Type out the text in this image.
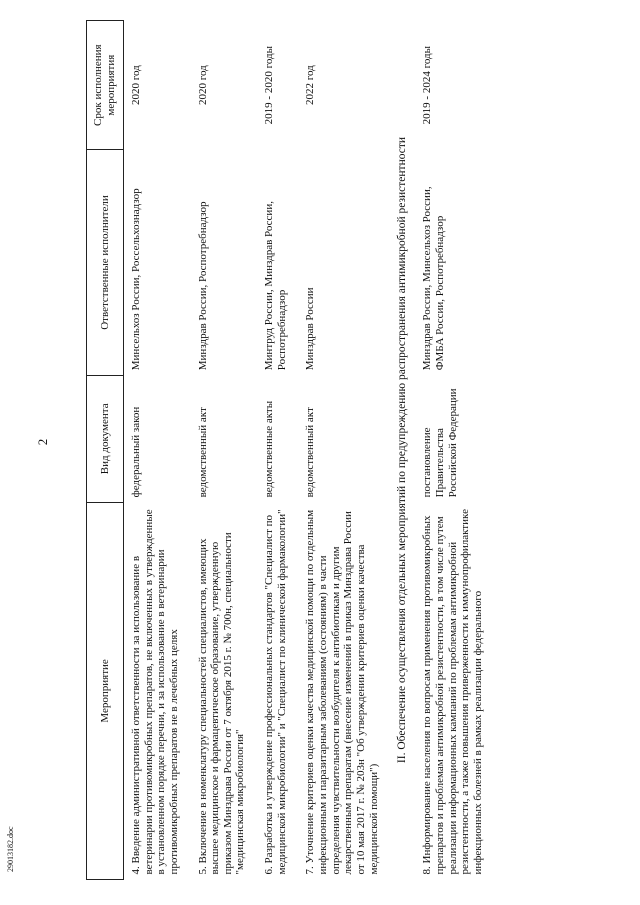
2
Мероприятие	Вид документа	Ответственные исполнители	Срок исполнения мероприятия
4. Введение административной ответственности за использование в ветеринарии противомикробных препаратов, не включенных в утвержденные в установленном порядке перечни, и за использование в ветеринарии противомикробных препаратов не в лечебных целях	федеральный закон	Минсельхоз России, Россельхознадзор	2020 год
5. Включение в номенклатуру специальностей специалистов, имеющих высшее медицинское и фармацевтическое образование, утвержденную приказом Минздрава России от 7 октября 2015 г. № 700н, специальности "медицинская микробиология"	ведомственный акт	Минздрав России, Роспотребнадзор	2020 год
6. Разработка и утверждение профессиональных стандартов "Специалист по медицинской микробиологии" и "Специалист по клинической фармакологии"	ведомственные акты	Минтруд России, Минздрав России, Роспотребнадзор	2019 - 2020 годы
7. Уточнение критериев оценки качества медицинской помощи по отдельным инфекционным и паразитарным заболеваниям (состояниям) в части определения чувствительности возбудителя к антибиотикам и другим лекарственным препаратам (внесение изменений в приказ Минздрава России от 10 мая 2017 г. № 203н "Об утверждении критериев оценки качества медицинской помощи")	ведомственный акт	Минздрав России	2022 год
II. Обеспечение осуществления отдельных мероприятий по предупреждению распространения антимикробной резистентности			
8. Информирование населения по вопросам применения противомикробных препаратов и проблемам антимикробной резистентности, в том числе путем реализации информационных кампаний по проблемам антимикробной резистентности, а также повышения приверженности к иммунопрофилактике инфекционных болезней в рамках реализации федерального	постановление Правительства Российской Федерации	Минздрав России, Минсельхоз России, ФМБА России, Роспотребнадзор	2019 - 2024 годы
29013182.doc
